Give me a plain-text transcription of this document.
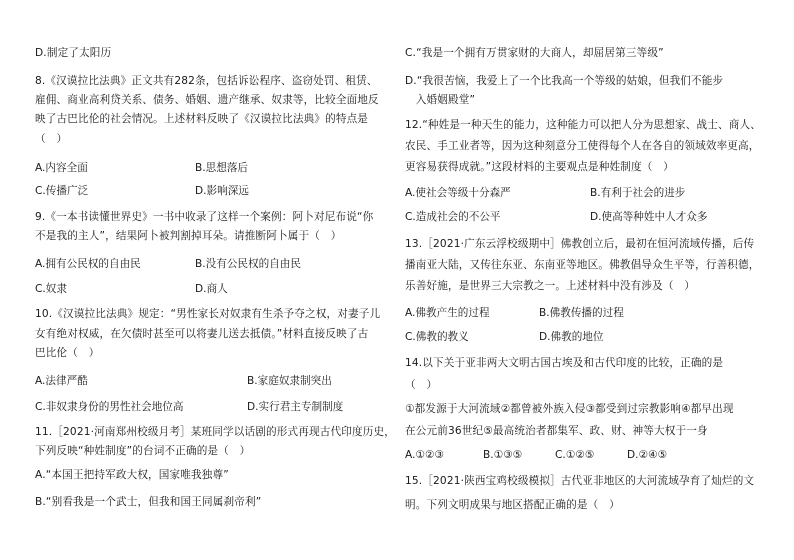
D.制定了太阳历
8.《汉谟拉比法典》正文共有282条，包括诉讼程序、盗窃处罚、租赁、
雇佣、商业高利贷关系、债务、婚姻、遗产继承、奴隶等，比较全面地反
映了古巴比伦的社会情况。上述材料反映了《汉谟拉比法典》的特点是
（　）
A.内容全面	B.思想落后
C.传播广泛	D.影响深远
9.《一本书读懂世界史》一书中收录了这样一个案例：阿卜对尼布说“你
不是我的主人”，结果阿卜被判割掉耳朵。请推断阿卜属于（　）
A.拥有公民权的自由民	B.没有公民权的自由民
C.奴隶	D.商人
10.《汉谟拉比法典》规定：“男性家长对奴隶有生杀予夺之权，对妻子儿
女有绝对权威，在欠债时甚至可以将妻儿送去抵债。”材料直接反映了古
巴比伦（　）
A.法律严酷	B.家庭奴隶制突出
C.非奴隶身份的男性社会地位高	D.实行君主专制制度
11.［2021·河南郑州校级月考］某班同学以话剧的形式再现古代印度历史，
下列反映“种姓制度”的台词不正确的是（　）
A.“本国王把持军政大权，国家唯我独尊”
B.“别看我是一个武士，但我和国王同属刹帝利”
C.“我是一个拥有万贯家财的大商人，却屈居第三等级”
D.“我很苦恼，我爱上了一个比我高一个等级的姑娘，但我们不能步
　入婚姻殿堂”
12.“种姓是一种天生的能力，这种能力可以把人分为思想家、战士、商人、
农民、手工业者等，因为这种刻意分工使得每个人在各自的领域效率更高，
更容易获得成就。”这段材料的主要观点是种姓制度（　）
A.使社会等级十分森严	B.有利于社会的进步
C.造成社会的不公平	D.使高等种姓中人才众多
13.［2021·广东云浮校级期中］佛教创立后，最初在恒河流域传播，后传
播南亚大陆，又传往东亚、东南亚等地区。佛教倡导众生平等，行善积德，
乐善好施，是世界三大宗教之一。上述材料中没有涉及（　）
A.佛教产生的过程	B.佛教传播的过程
C.佛教的教义	D.佛教的地位
14.以下关于亚非两大文明古国古埃及和古代印度的比较，正确的是
（　）
①都发源于大河流域②都曾被外族入侵③都受到过宗教影响④都早出现
在公元前36世纪⑤最高统治者都集军、政、财、神等大权于一身
A.①②③	B.①③⑤	C.①②⑤	D.②④⑤
15.［2021·陕西宝鸡校级模拟］古代亚非地区的大河流域孕育了灿烂的文
明。下列文明成果与地区搭配正确的是（　）
